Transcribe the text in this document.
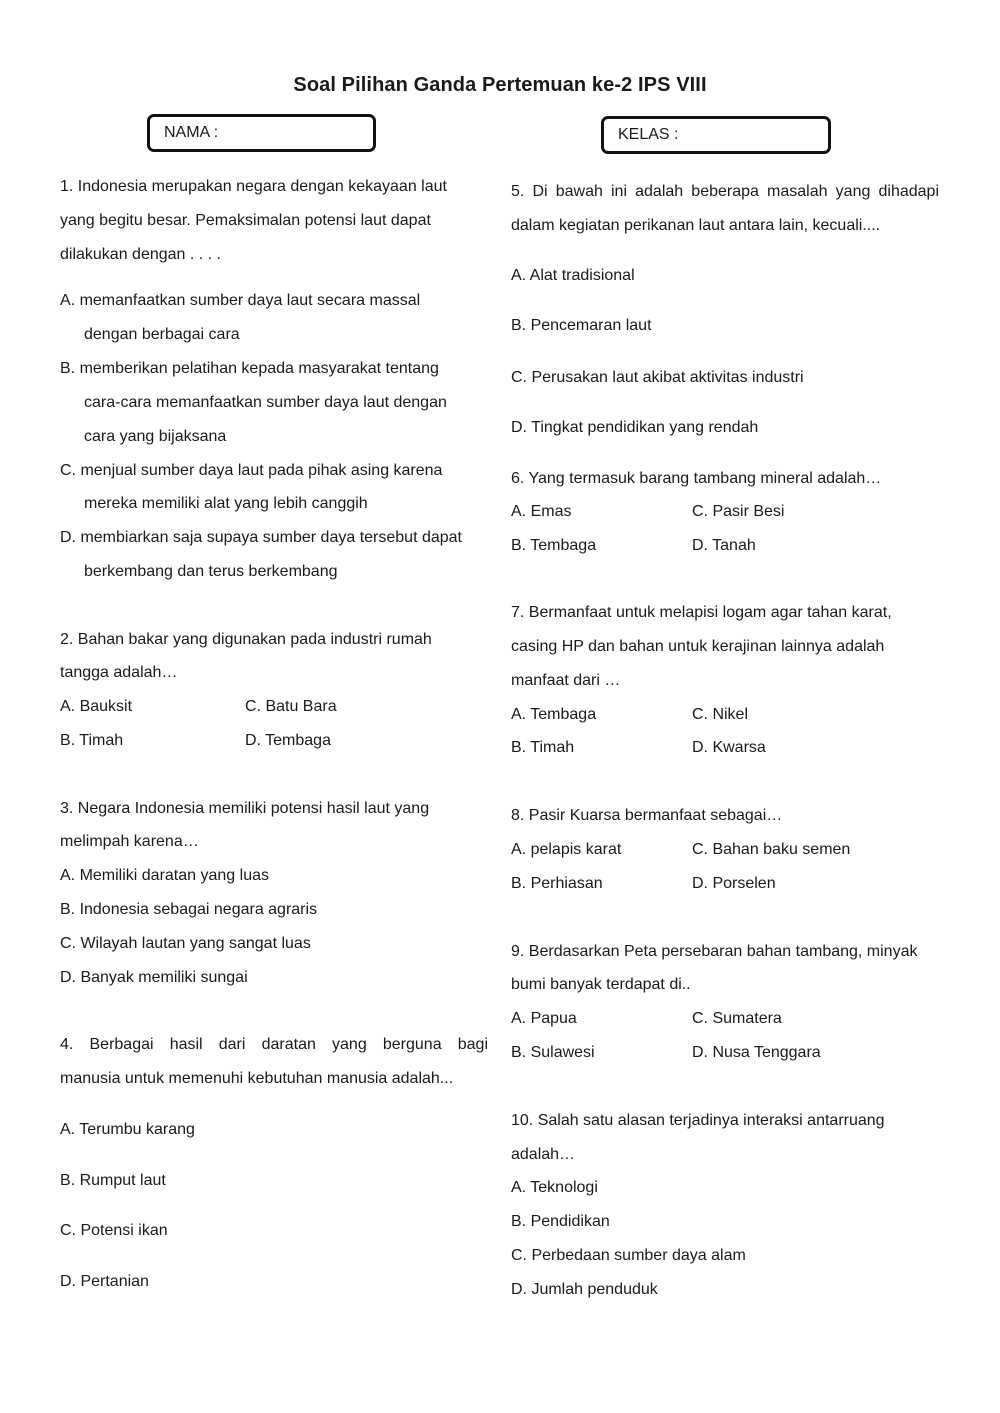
Soal Pilihan Ganda Pertemuan ke-2 IPS VIII
NAMA :	KELAS :
1. Indonesia merupakan negara dengan kekayaan laut
yang begitu besar. Pemaksimalan potensi laut dapat
dilakukan dengan . . . .
A. memanfaatkan sumber daya laut secara massal
dengan berbagai cara
B. memberikan pelatihan kepada masyarakat tentang
cara-cara memanfaatkan sumber daya laut dengan
cara yang bijaksana
C. menjual sumber daya laut pada pihak asing karena
mereka memiliki alat yang lebih canggih
D. membiarkan saja supaya sumber daya tersebut dapat
berkembang dan terus berkembang
2. Bahan bakar yang digunakan pada industri rumah
tangga adalah…
A. Bauksit	C. Batu Bara
B. Timah	D. Tembaga
3. Negara Indonesia memiliki potensi hasil laut yang
melimpah karena…
A. Memiliki daratan yang luas
B. Indonesia sebagai negara agraris
C. Wilayah lautan yang sangat luas
D. Banyak memiliki sungai
4. Berbagai hasil dari daratan yang berguna bagi
manusia untuk memenuhi kebutuhan manusia adalah...
A. Terumbu karang
B. Rumput laut
C. Potensi ikan
D. Pertanian
5. Di bawah ini adalah beberapa masalah yang dihadapi
dalam kegiatan perikanan laut antara lain, kecuali....
A. Alat tradisional
B. Pencemaran laut
C. Perusakan laut akibat aktivitas industri
D. Tingkat pendidikan yang rendah
6. Yang termasuk barang tambang mineral adalah…
A. Emas	C. Pasir Besi
B. Tembaga	D. Tanah
7. Bermanfaat untuk melapisi logam agar tahan karat,
casing HP dan bahan untuk kerajinan lainnya adalah
manfaat dari …
A. Tembaga	C. Nikel
B. Timah	D. Kwarsa
8. Pasir Kuarsa bermanfaat sebagai…
A. pelapis karat	C. Bahan baku semen
B. Perhiasan	D. Porselen
9. Berdasarkan Peta persebaran bahan tambang, minyak
bumi banyak terdapat di..
A. Papua	C. Sumatera
B. Sulawesi	D. Nusa Tenggara
10. Salah satu alasan terjadinya interaksi antarruang
adalah…
A. Teknologi
B. Pendidikan
C. Perbedaan sumber daya alam
D. Jumlah penduduk
